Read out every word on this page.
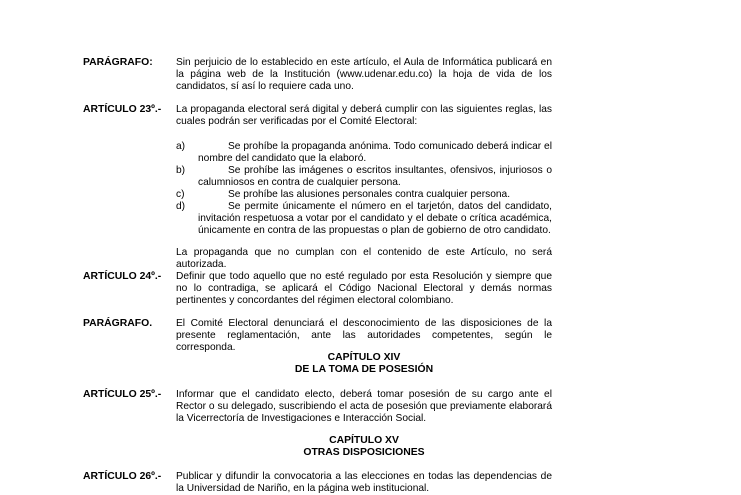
PARÁGRAFO: Sin perjuicio de lo establecido en este artículo, el Aula de Informática publicará en la página web de la Institución (www.udenar.edu.co) la hoja de vida de los candidatos, sí así lo requiere cada uno.
ARTÍCULO 23º.- La propaganda electoral será digital y deberá cumplir con las siguientes reglas, las cuales podrán ser verificadas por el Comité Electoral:
a)	Se prohíbe la propaganda anónima. Todo comunicado deberá indicar el nombre del candidato que la elaboró.
b)	Se prohíbe las imágenes o escritos insultantes, ofensivos, injuriosos o calumniosos en contra de cualquier persona.
c)	Se prohíbe las alusiones personales contra cualquier persona.
d)	Se permite únicamente el número en el tarjetón, datos del candidato, invitación respetuosa a votar por el candidato y el debate o crítica académica, únicamente en contra de las propuestas o plan de gobierno de otro candidato.
La propaganda que no cumplan con el contenido de este Artículo, no será autorizada.
ARTÍCULO 24º.- Definir que todo aquello que no esté regulado por esta Resolución y siempre que no lo contradiga, se aplicará el Código Nacional Electoral y demás normas pertinentes y concordantes del régimen electoral colombiano.
PARÁGRAFO. El Comité Electoral denunciará el desconocimiento de las disposiciones de la presente reglamentación, ante las autoridades competentes, según le corresponda.
CAPÍTULO XIV
DE LA TOMA DE POSESIÓN
ARTÍCULO 25º.- Informar que el candidato electo, deberá tomar posesión de su cargo ante el Rector o su delegado, suscribiendo el acta de posesión que previamente elaborará la Vicerrectoría de Investigaciones e Interacción Social.
CAPÍTULO XV
OTRAS DISPOSICIONES
ARTÍCULO 26º.- Publicar y difundir la convocatoria a las elecciones en todas las dependencias de la Universidad de Nariño, en la página web institucional.
